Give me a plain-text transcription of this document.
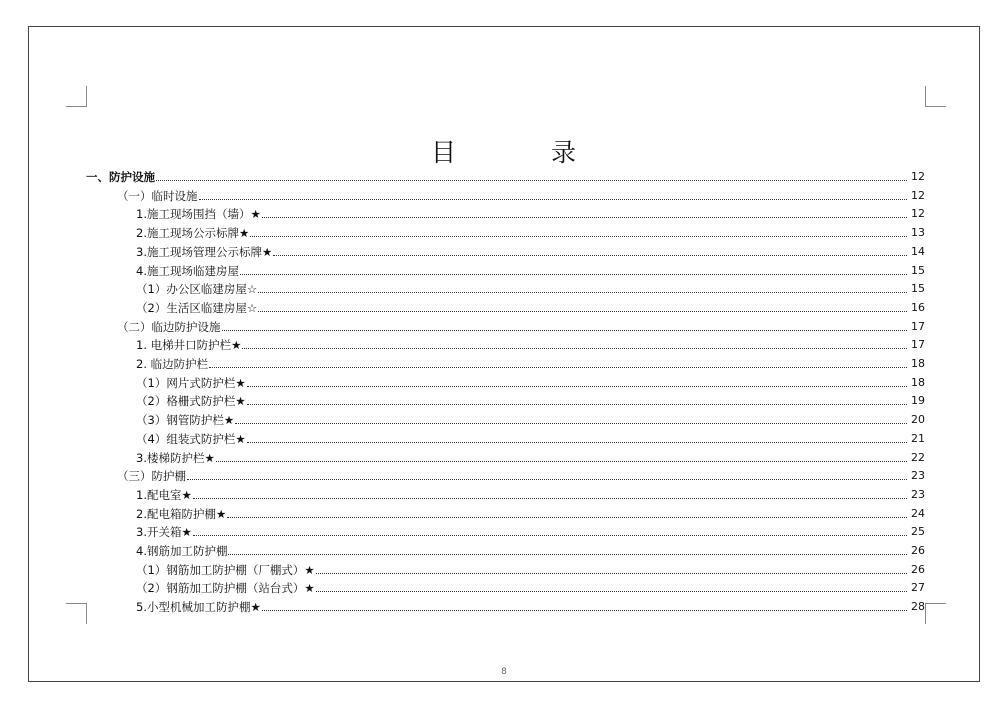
目	录
一、防护设施	12
（一）临时设施	12
1.施工现场围挡（墙）★	12
2.施工现场公示标牌★	13
3.施工现场管理公示标牌★	14
4.施工现场临建房屋	15
（1）办公区临建房屋☆	15
（2）生活区临建房屋☆	16
（二）临边防护设施	17
1. 电梯井口防护栏★	17
2. 临边防护栏	18
（1）网片式防护栏★	18
（2）格栅式防护栏★	19
（3）钢管防护栏★	20
（4）组装式防护栏★	21
3.楼梯防护栏★	22
（三）防护棚	23
1.配电室★	23
2.配电箱防护棚★	24
3.开关箱★	25
4.钢筋加工防护棚	26
（1）钢筋加工防护棚（厂棚式）★	26
（2）钢筋加工防护棚（站台式）★	27
5.小型机械加工防护棚★	28
8
